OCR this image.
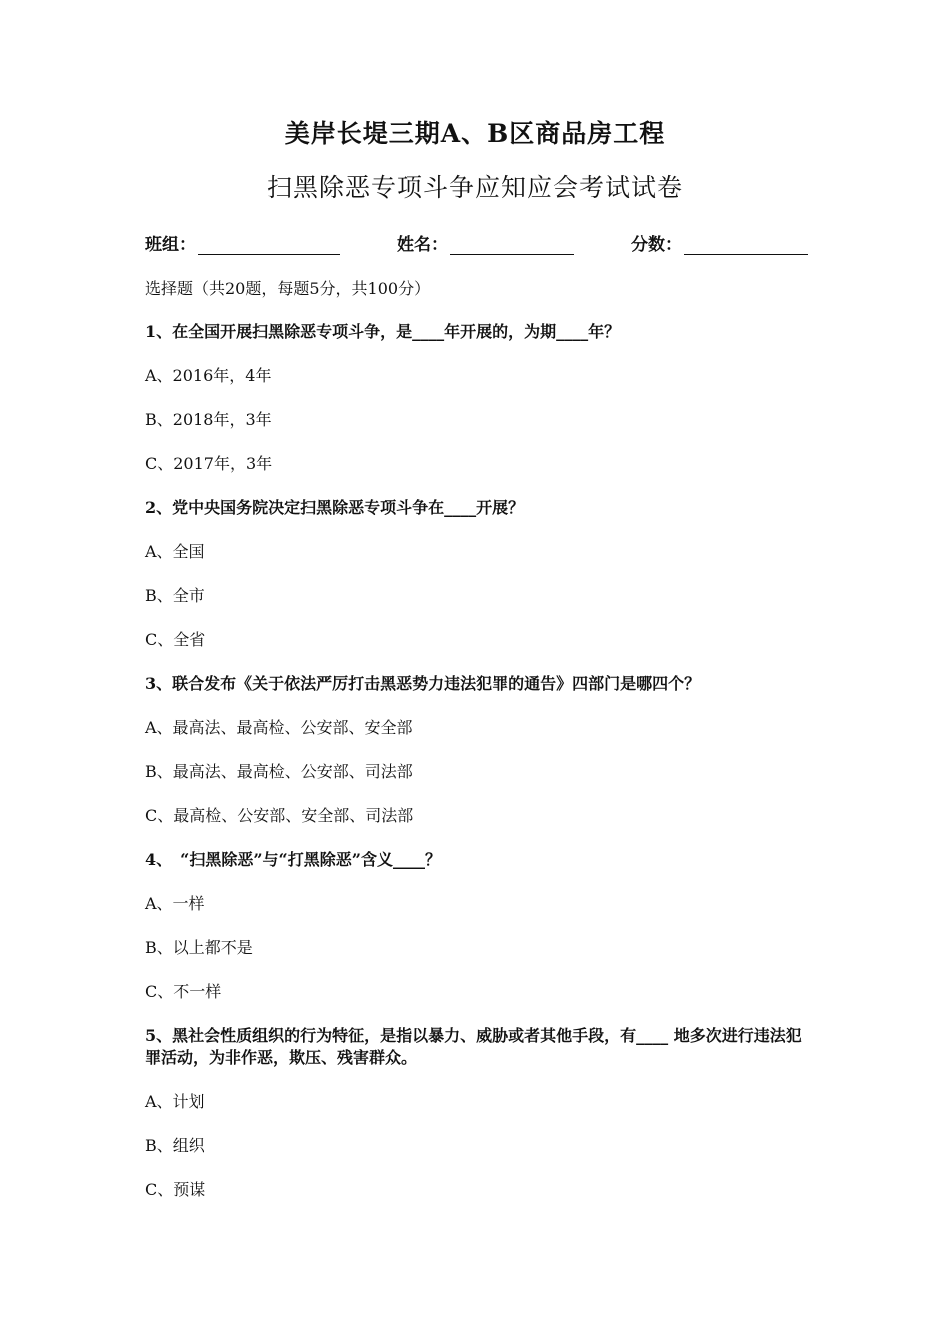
美岸长堤三期A、B区商品房工程
扫黑除恶专项斗争应知应会考试试卷
班组：	姓名：	分数：
选择题（共20题，每题5分，共100分）
1、在全国开展扫黑除恶专项斗争，是____年开展的，为期____年？
A、2016年，4年
B、2018年，3年
C、2017年，3年
2、党中央国务院决定扫黑除恶专项斗争在____开展？
A、全国
B、全市
C、全省
3、联合发布《关于依法严厉打击黑恶势力违法犯罪的通告》四部门是哪四个？
A、最高法、最高检、公安部、安全部
B、最高法、最高检、公安部、司法部
C、最高检、公安部、安全部、司法部
4、　“扫黑除恶”与“打黑除恶”含义____？
A、一样
B、以上都不是
C、不一样
5、黑社会性质组织的行为特征，是指以暴力、威胁或者其他手段，有____ 地多次进行违法犯罪活动，为非作恶，欺压、残害群众。
A、计划
B、组织
C、预谋
